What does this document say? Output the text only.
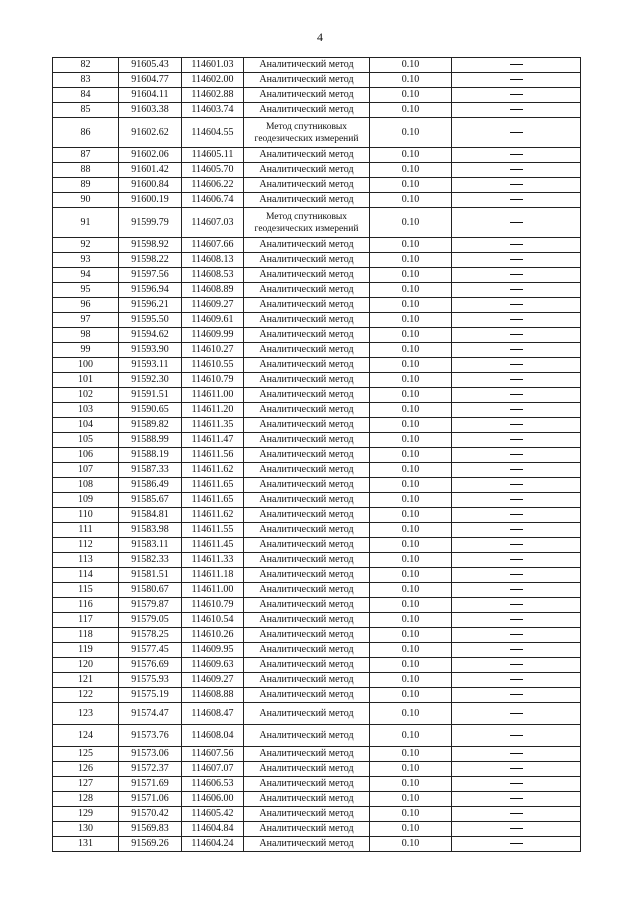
4
82	91605.43	114601.03	Аналитический метод	0.10	
83	91604.77	114602.00	Аналитический метод	0.10	
84	91604.11	114602.88	Аналитический метод	0.10	
85	91603.38	114603.74	Аналитический метод	0.10	
86	91602.62	114604.55	Метод спутниковых геодезических измерений	0.10	
87	91602.06	114605.11	Аналитический метод	0.10	
88	91601.42	114605.70	Аналитический метод	0.10	
89	91600.84	114606.22	Аналитический метод	0.10	
90	91600.19	114606.74	Аналитический метод	0.10	
91	91599.79	114607.03	Метод спутниковых геодезических измерений	0.10	
92	91598.92	114607.66	Аналитический метод	0.10	
93	91598.22	114608.13	Аналитический метод	0.10	
94	91597.56	114608.53	Аналитический метод	0.10	
95	91596.94	114608.89	Аналитический метод	0.10	
96	91596.21	114609.27	Аналитический метод	0.10	
97	91595.50	114609.61	Аналитический метод	0.10	
98	91594.62	114609.99	Аналитический метод	0.10	
99	91593.90	114610.27	Аналитический метод	0.10	
100	91593.11	114610.55	Аналитический метод	0.10	
101	91592.30	114610.79	Аналитический метод	0.10	
102	91591.51	114611.00	Аналитический метод	0.10	
103	91590.65	114611.20	Аналитический метод	0.10	
104	91589.82	114611.35	Аналитический метод	0.10	
105	91588.99	114611.47	Аналитический метод	0.10	
106	91588.19	114611.56	Аналитический метод	0.10	
107	91587.33	114611.62	Аналитический метод	0.10	
108	91586.49	114611.65	Аналитический метод	0.10	
109	91585.67	114611.65	Аналитический метод	0.10	
110	91584.81	114611.62	Аналитический метод	0.10	
111	91583.98	114611.55	Аналитический метод	0.10	
112	91583.11	114611.45	Аналитический метод	0.10	
113	91582.33	114611.33	Аналитический метод	0.10	
114	91581.51	114611.18	Аналитический метод	0.10	
115	91580.67	114611.00	Аналитический метод	0.10	
116	91579.87	114610.79	Аналитический метод	0.10	
117	91579.05	114610.54	Аналитический метод	0.10	
118	91578.25	114610.26	Аналитический метод	0.10	
119	91577.45	114609.95	Аналитический метод	0.10	
120	91576.69	114609.63	Аналитический метод	0.10	
121	91575.93	114609.27	Аналитический метод	0.10	
122	91575.19	114608.88	Аналитический метод	0.10	
123	91574.47	114608.47	Аналитический метод	0.10	
124	91573.76	114608.04	Аналитический метод	0.10	
125	91573.06	114607.56	Аналитический метод	0.10	
126	91572.37	114607.07	Аналитический метод	0.10	
127	91571.69	114606.53	Аналитический метод	0.10	
128	91571.06	114606.00	Аналитический метод	0.10	
129	91570.42	114605.42	Аналитический метод	0.10	
130	91569.83	114604.84	Аналитический метод	0.10	
131	91569.26	114604.24	Аналитический метод	0.10	
